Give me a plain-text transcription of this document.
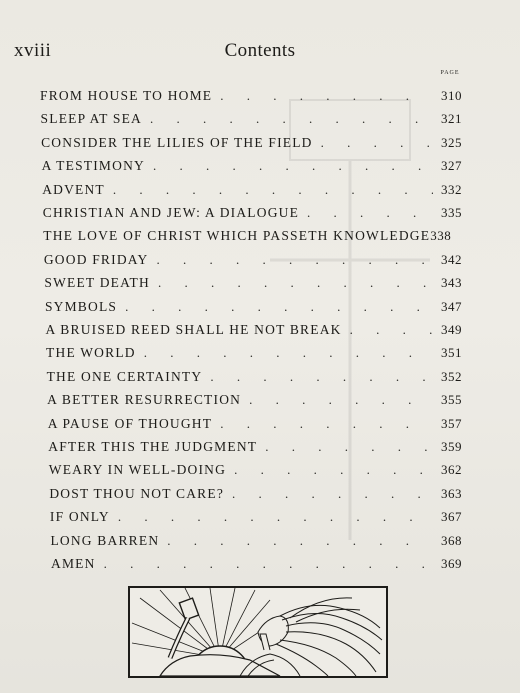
xviii	Contents
PAGE
FROM HOUSE TO HOME . . .	310
SLEEP AT SEA . . .	321
CONSIDER THE LILIES OF THE FIELD . . .	325
A TESTIMONY . . .	327
ADVENT . . .	332
CHRISTIAN AND JEW: A DIALOGUE . . .	335
THE LOVE OF CHRIST WHICH PASSETH KNOWLEDGE 338
GOOD FRIDAY . . .	342
SWEET DEATH . . .	343
SYMBOLS . . .	347
A BRUISED REED SHALL HE NOT BREAK . . .	349
THE WORLD . . .	351
THE ONE CERTAINTY . . .	352
A BETTER RESURRECTION . . .	355
A PAUSE OF THOUGHT . . .	357
AFTER THIS THE JUDGMENT . . .	359
WEARY IN WELL-DOING . . .	362
DOST THOU NOT CARE? . . .	363
IF ONLY . . .	367
LONG BARREN . . .	368
AMEN . . .	369
